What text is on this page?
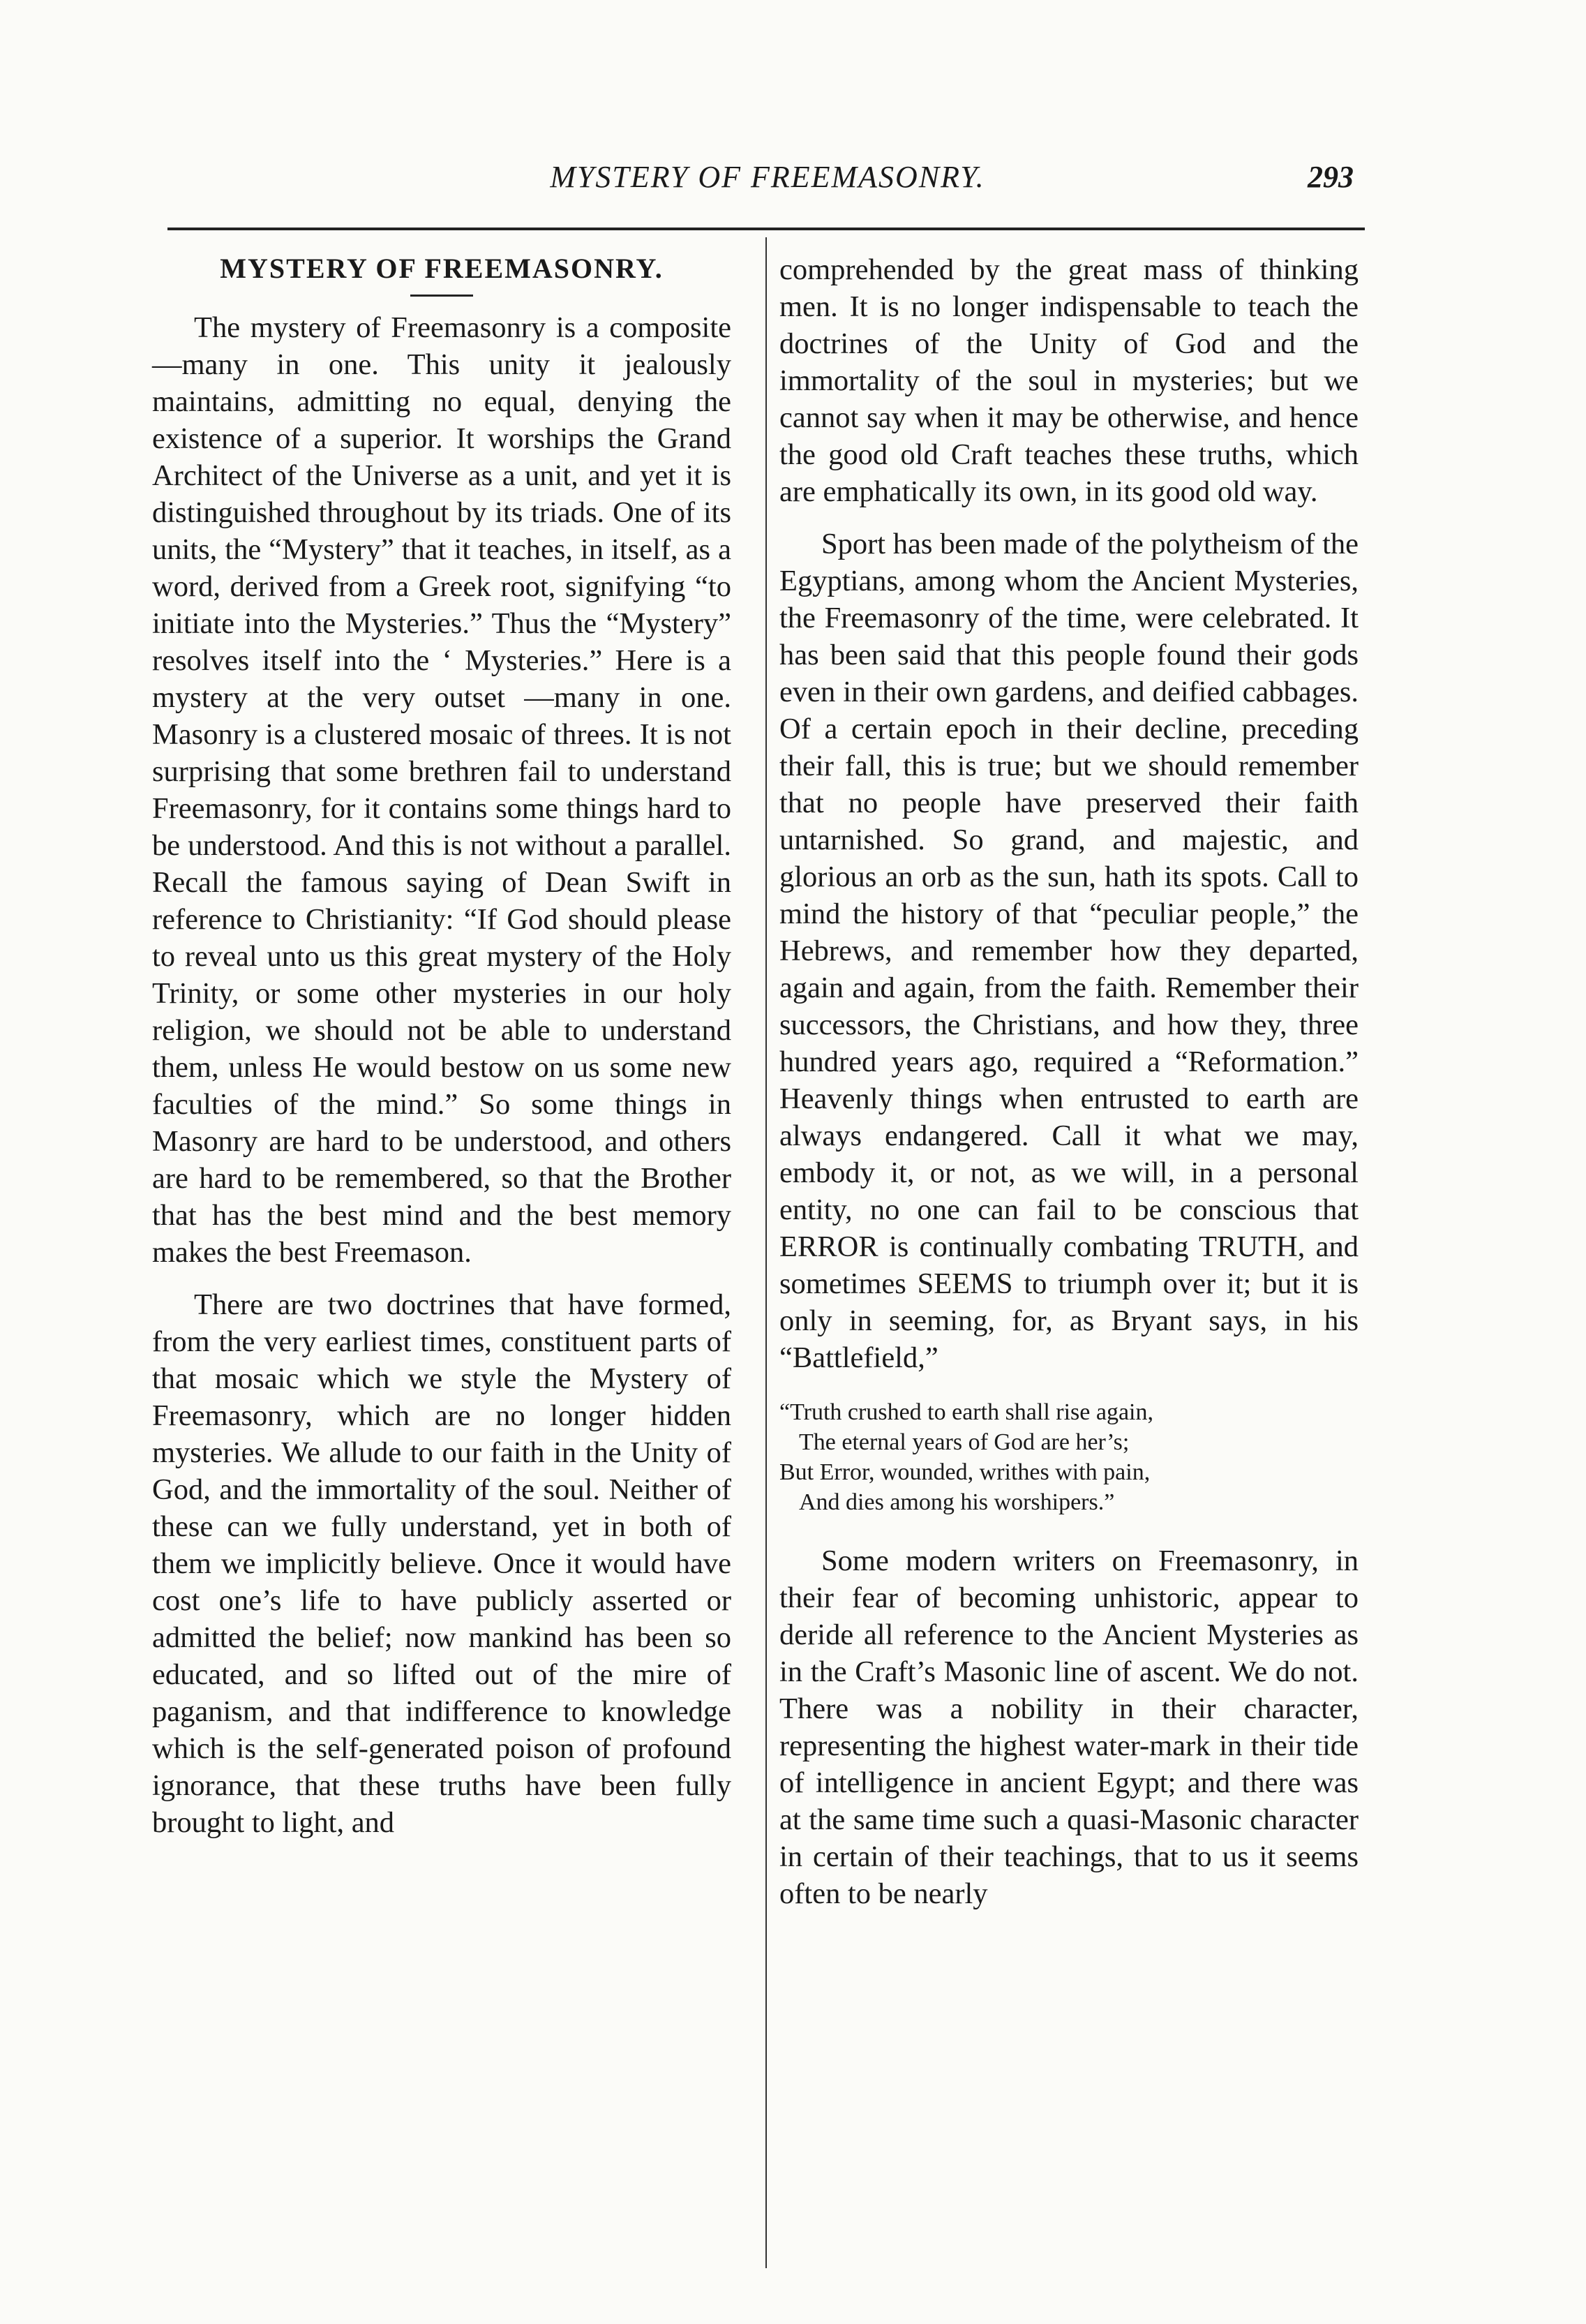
MYSTERY OF FREEMASONRY.	293
MYSTERY OF FREEMASONRY.

The mystery of Freemasonry is a composite—many in one. This unity it jealously maintains, admitting no equal, denying the existence of a superior. It worships the Grand Architect of the Universe as a unit, and yet it is distinguished throughout by its triads. One of its units, the “Mystery” that it teaches, in itself, as a word, derived from a Greek root, signifying “to initiate into the Mysteries.” Thus the “Mystery” resolves itself into the ‘ Mysteries.” Here is a mystery at the very outset —many in one. Masonry is a clustered mosaic of threes. It is not surprising that some brethren fail to understand Freemasonry, for it contains some things hard to be understood. And this is not without a parallel. Recall the famous saying of Dean Swift in reference to Christianity: “If God should please to reveal unto us this great mystery of the Holy Trinity, or some other mysteries in our holy religion, we should not be able to understand them, unless He would bestow on us some new faculties of the mind.” So some things in Masonry are hard to be understood, and others are hard to be remembered, so that the Brother that has the best mind and the best memory makes the best Freemason.

There are two doctrines that have formed, from the very earliest times, constituent parts of that mosaic which we style the Mystery of Freemasonry, which are no longer hidden mysteries. We allude to our faith in the Unity of God, and the immortality of the soul. Neither of these can we fully understand, yet in both of them we implicitly believe. Once it would have cost one’s life to have publicly asserted or admitted the belief; now mankind has been so educated, and so lifted out of the mire of paganism, and that indifference to knowledge which is the self-generated poison of profound ignorance, that these truths have been fully brought to light, and

comprehended by the great mass of thinking men. It is no longer indispensable to teach the doctrines of the Unity of God and the immortality of the soul in mysteries; but we cannot say when it may be otherwise, and hence the good old Craft teaches these truths, which are emphatically its own, in its good old way.

Sport has been made of the polytheism of the Egyptians, among whom the Ancient Mysteries, the Freemasonry of the time, were celebrated. It has been said that this people found their gods even in their own gardens, and deified cabbages. Of a certain epoch in their decline, preceding their fall, this is true; but we should remember that no people have preserved their faith untarnished. So grand, and majestic, and glorious an orb as the sun, hath its spots. Call to mind the history of that “peculiar people,” the Hebrews, and remember how they departed, again and again, from the faith. Remember their successors, the Christians, and how they, three hundred years ago, required a “Reformation.” Heavenly things when entrusted to earth are always endangered. Call it what we may, embody it, or not, as we will, in a personal entity, no one can fail to be conscious that ERROR is continually combating TRUTH, and sometimes SEEMS to triumph over it; but it is only in seeming, for, as Bryant says, in his “Battlefield,”

“Truth crushed to earth shall rise again,
The eternal years of God are her’s;
But Error, wounded, writhes with pain,
And dies among his worshipers.”

Some modern writers on Freemasonry, in their fear of becoming unhistoric, appear to deride all reference to the Ancient Mysteries as in the Craft’s Masonic line of ascent. We do not. There was a nobility in their character, representing the highest water-mark in their tide of intelligence in ancient Egypt; and there was at the same time such a quasi-Masonic character in certain of their teachings, that to us it seems often to be nearly
